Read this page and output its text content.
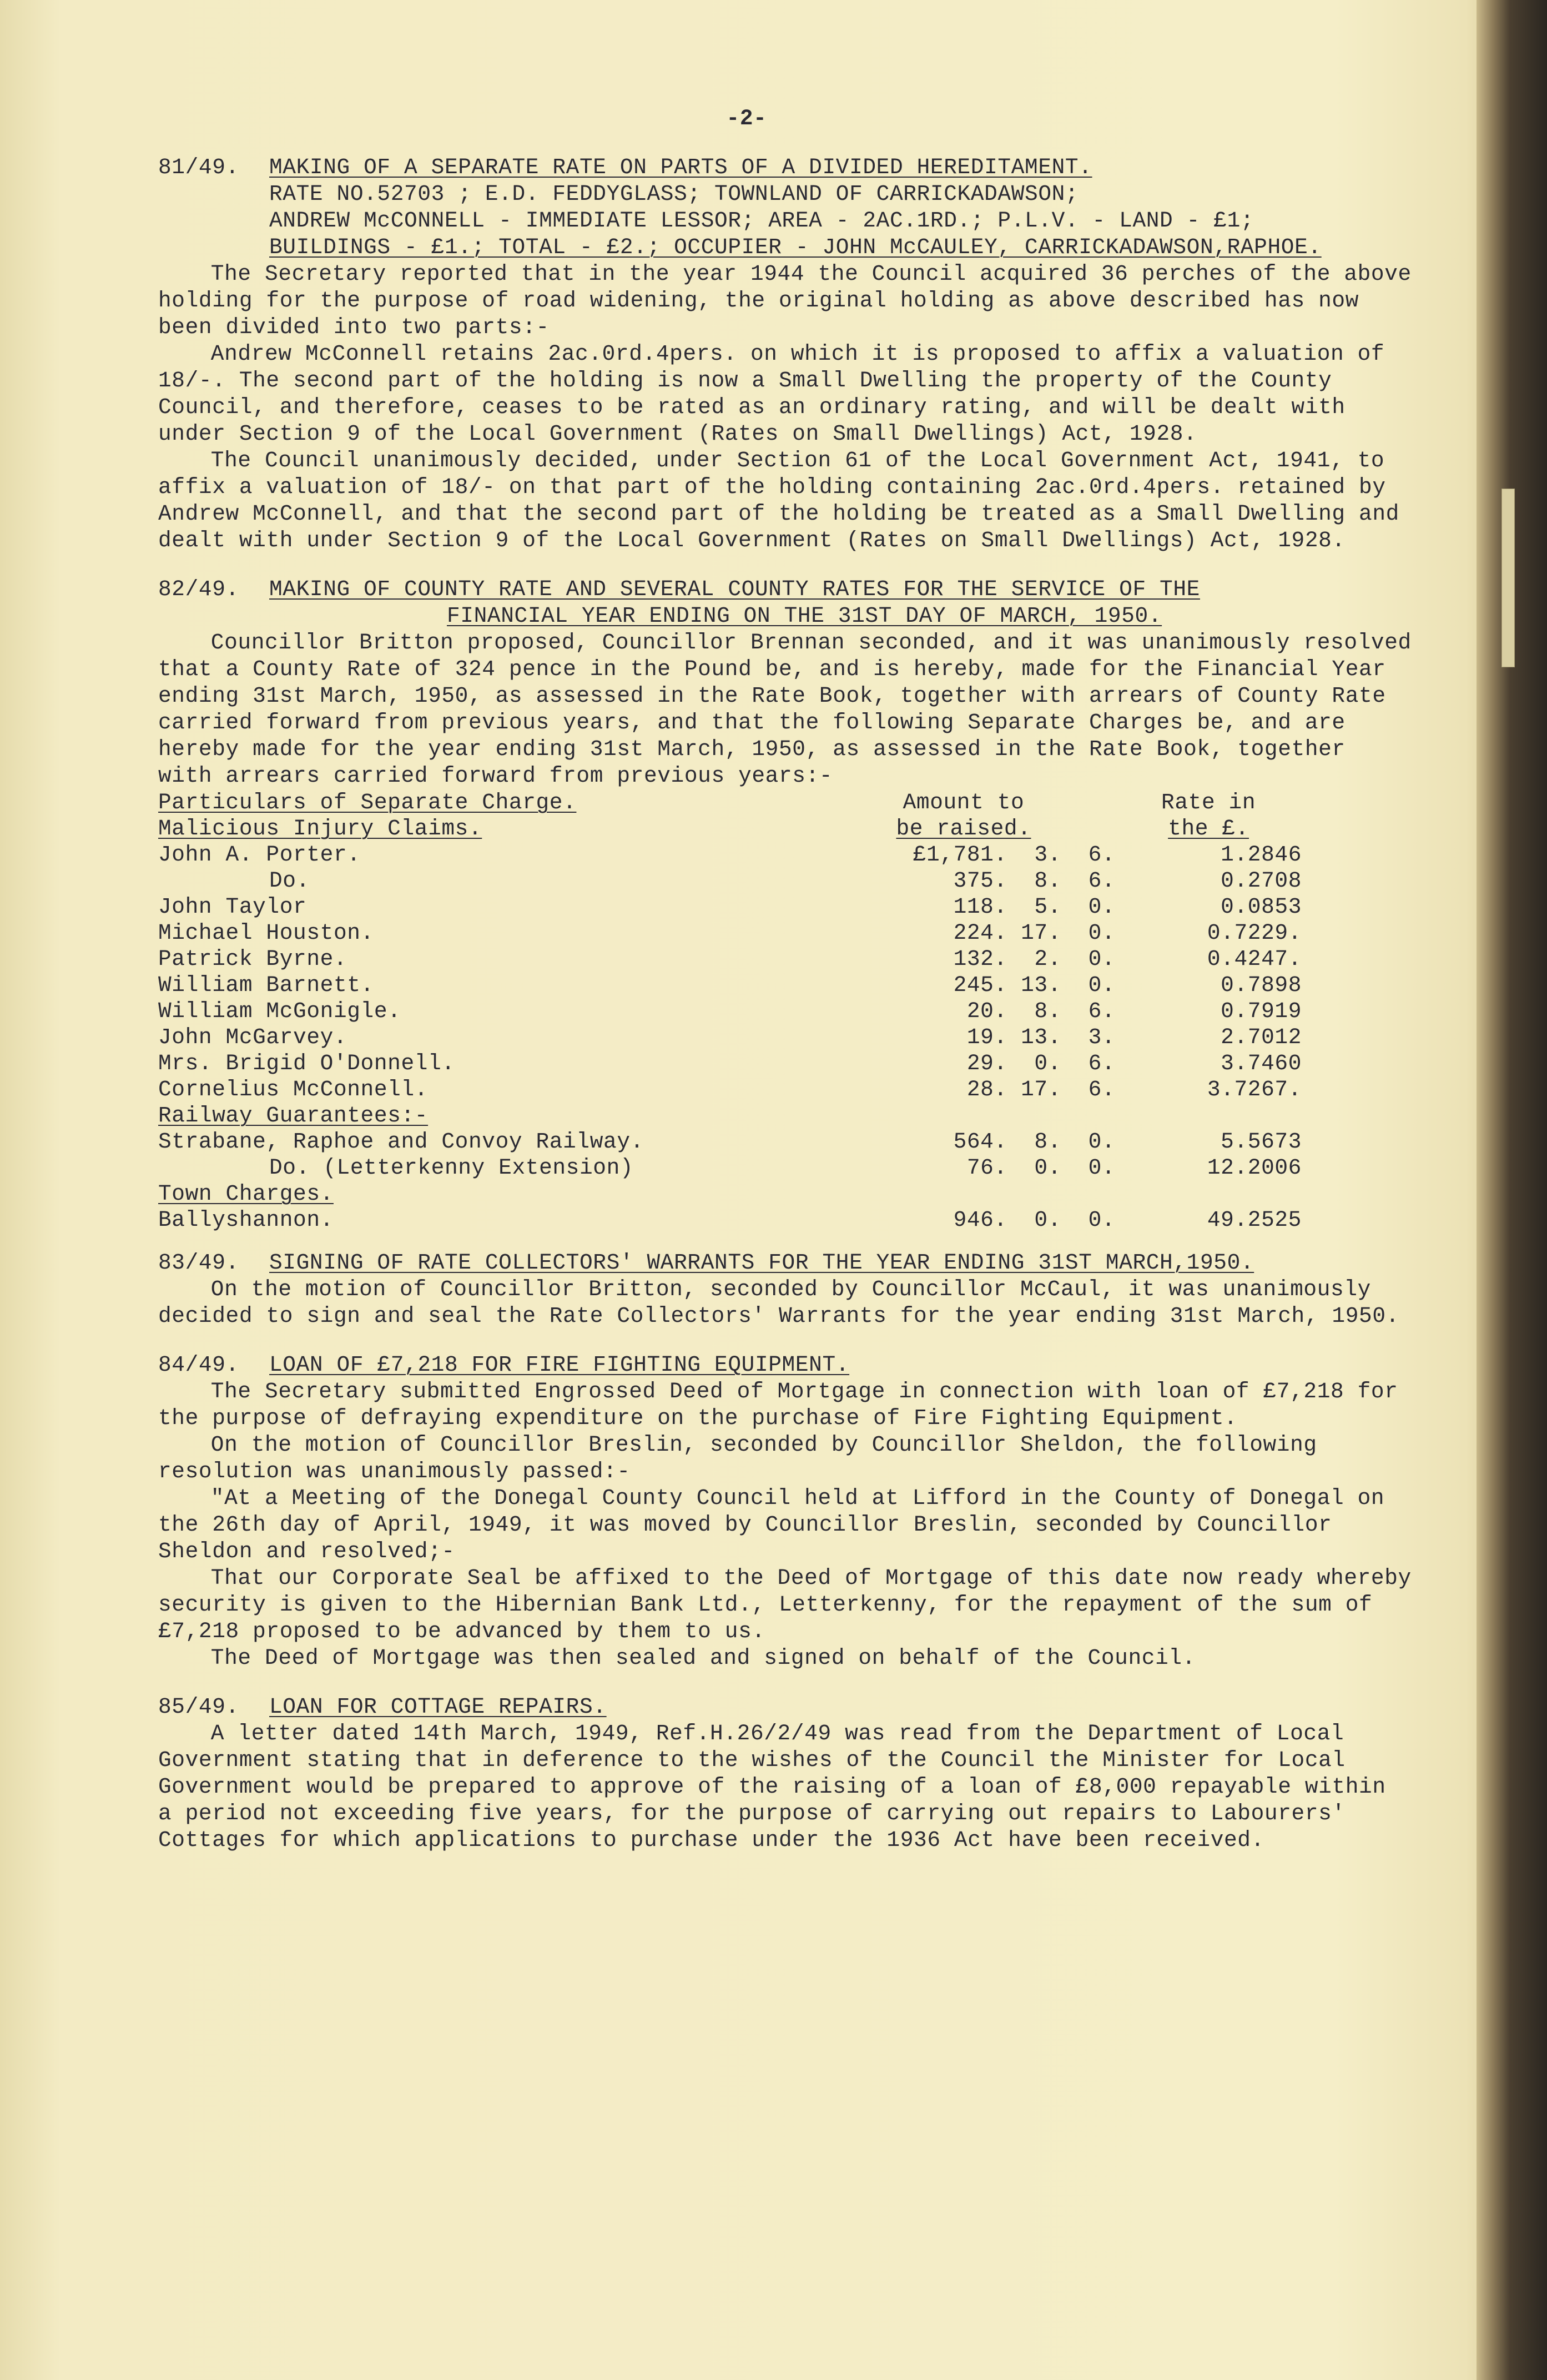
-2-
81/49.	MAKING OF A SEPARATE RATE ON PARTS OF A DIVIDED HEREDITAMENT.
RATE NO.52703 ; E.D. FEDDYGLASS; TOWNLAND OF CARRICKADAWSON;
ANDREW McCONNELL - IMMEDIATE LESSOR; AREA - 2AC.1RD.; P.L.V. - LAND - £1;
BUILDINGS - £1.; TOTAL - £2.; OCCUPIER - JOHN McCAULEY, CARRICKADAWSON,RAPHOE.

The Secretary reported that in the year 1944 the Council acquired 36 perches of the above holding for the purpose of road widening, the original holding as above described has now been divided into two parts:-

Andrew McConnell retains 2ac.0rd.4pers. on which it is proposed to affix a valuation of 18/-. The second part of the holding is now a Small Dwelling the property of the County Council, and therefore, ceases to be rated as an ordinary rating, and will be dealt with under Section 9 of the Local Government (Rates on Small Dwellings) Act, 1928.

The Council unanimously decided, under Section 61 of the Local Government Act, 1941, to affix a valuation of 18/- on that part of the holding containing 2ac.0rd.4pers. retained by Andrew McConnell, and that the second part of the holding be treated as a Small Dwelling and dealt with under Section 9 of the Local Government (Rates on Small Dwellings) Act, 1928.

82/49.	MAKING OF COUNTY RATE AND SEVERAL COUNTY RATES FOR THE SERVICE OF THE
FINANCIAL YEAR ENDING ON THE 31ST DAY OF MARCH, 1950.

Councillor Britton proposed, Councillor Brennan seconded, and it was unanimously resolved that a County Rate of 324 pence in the Pound be, and is hereby, made for the Financial Year ending 31st March, 1950, as assessed in the Rate Book, together with arrears of County Rate carried forward from previous years, and that the following Separate Charges be, and are hereby made for the year ending 31st March, 1950, as assessed in the Rate Book, together with arrears carried forward from previous years:-

Particulars of Separate Charge.	Amount to	Rate in
Malicious Injury Claims.	be raised.	the £.
John A. Porter.	£1,781.  3.  6.	1.2846
Do.	375.  8.  6.	0.2708
John Taylor	118.  5.  0.	0.0853
Michael Houston.	224. 17.  0.	0.7229.
Patrick Byrne.	132.  2.  0.	0.4247.
William Barnett.	245. 13.  0.	0.7898
William McGonigle.	20.  8.  6.	0.7919
John McGarvey.	19. 13.  3.	2.7012
Mrs. Brigid O'Donnell.	29.  0.  6.	3.7460
Cornelius McConnell.	28. 17.  6.	3.7267.
Railway Guarantees:-		
Strabane, Raphoe and Convoy Railway.	564.  8.  0.	5.5673
Do. (Letterkenny Extension)	76.  0.  0.	12.2006
Town Charges.		
Ballyshannon.	946.  0.  0.	49.2525
83/49.	SIGNING OF RATE COLLECTORS' WARRANTS FOR THE YEAR ENDING 31ST MARCH,1950.

On the motion of Councillor Britton, seconded by Councillor McCaul, it was unanimously decided to sign and seal the Rate Collectors' Warrants for the year ending 31st March, 1950.

84/49.	LOAN OF £7,218 FOR FIRE FIGHTING EQUIPMENT.

The Secretary submitted Engrossed Deed of Mortgage in connection with loan of £7,218 for the purpose of defraying expenditure on the purchase of Fire Fighting Equipment.

On the motion of Councillor Breslin, seconded by Councillor Sheldon, the following resolution was unanimously passed:-

"At a Meeting of the Donegal County Council held at Lifford in the County of Donegal on the 26th day of April, 1949, it was moved by Councillor Breslin, seconded by Councillor Sheldon and resolved;-

That our Corporate Seal be affixed to the Deed of Mortgage of this date now ready whereby security is given to the Hibernian Bank Ltd., Letterkenny, for the repayment of the sum of £7,218 proposed to be advanced by them to us.

The Deed of Mortgage was then sealed and signed on behalf of the Council.

85/49.	LOAN FOR COTTAGE REPAIRS.

A letter dated 14th March, 1949, Ref.H.26/2/49 was read from the Department of Local Government stating that in deference to the wishes of the Council the Minister for Local Government would be prepared to approve of the raising of a loan of £8,000 repayable within a period not exceeding five years, for the purpose of carrying out repairs to Labourers' Cottages for which applications to purchase under the 1936 Act have been received.
